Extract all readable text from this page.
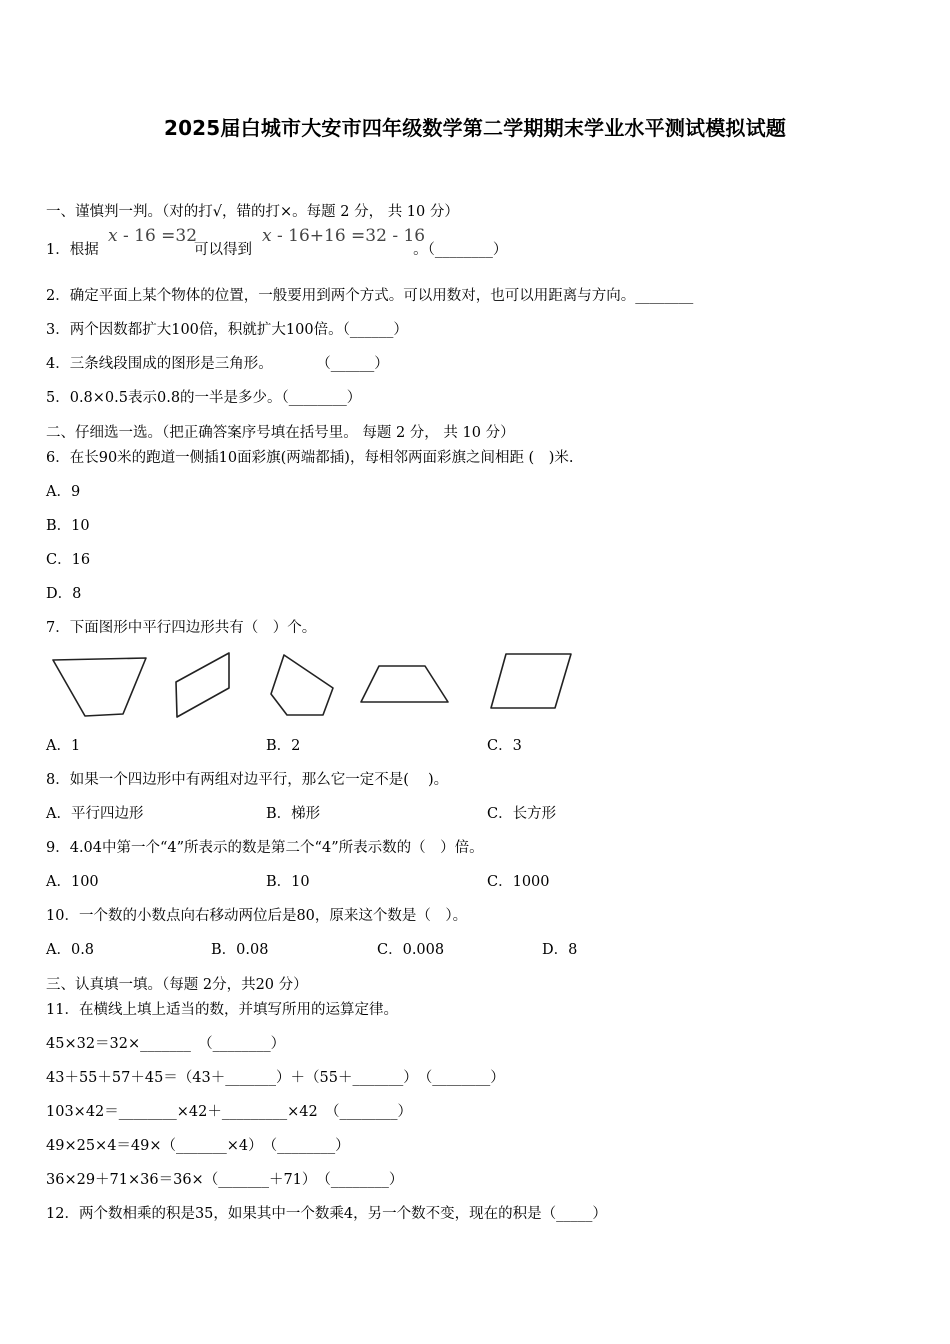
2025届白城市大安市四年级数学第二学期期末学业水平测试模拟试题
一、谨慎判一判。（对的打√，错的打×。每题 2 分， 共 10 分）
1．根据	可以得到	。（________）
x - 16 =32	x - 16+16 =32 - 16
2．确定平面上某个物体的位置，一般要用到两个方式。可以用数对，也可以用距离与方向。________
3．两个因数都扩大100倍，积就扩大100倍。（______）
4．三条线段围成的图形是三角形。　　　　（______）
5．0.8×0.5表示0.8的一半是多少。（________）
二、仔细选一选。（把正确答案序号填在括号里。 每题 2 分， 共 10 分）
6．在长90米的跑道一侧插10面彩旗(两端都插)，每相邻两面彩旗之间相距 (　)米.
A．9
B．10
C．16
D．8
7．下面图形中平行四边形共有（　）个。
A．1	B．2	C．3
8．如果一个四边形中有两组对边平行，那么它一定不是(　 )。
A．平行四边形	B．梯形	C．长方形
9．4.04中第一个“4”所表示的数是第二个“4”所表示数的（　）倍。
A．100	B．10	C．1000
10．一个数的小数点向右移动两位后是80，原来这个数是（　）。
A．0.8	B．0.08	C．0.008	D．8
三、认真填一填。（每题 2分，共20 分）
11．在横线上填上适当的数，并填写所用的运算定律。
45×32＝32×_______　（________）
43＋55＋57＋45＝（43＋_______）＋（55＋_______）　（________）
103×42＝________×42＋_________×42　（________）
49×25×4＝49×（_______×4）　（________）
36×29＋71×36＝36×（_______＋71）　（________）
12．两个数相乘的积是35，如果其中一个数乘4，另一个数不变，现在的积是（_____）
